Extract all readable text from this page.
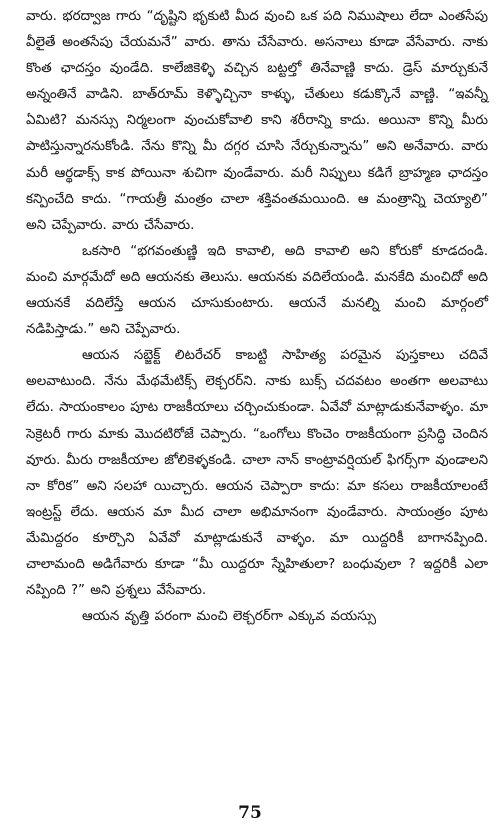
వారు. భరద్వాజ గారు “దృష్టిని భృకుటి మీద వుంచి ఒక పది నిముషాలు లేదా ఎంతసేపు వీలైతే అంతసేపు చేయమనే” వారు. తాను చేసేవారు. అసనాలు కూడా వేసేవారు. నాకు కొంత ఛాదస్తం వుండేది. కాలేజికెళ్ళి వచ్చిన బట్టల్తో తినేవాణ్ణి కాదు. డ్రెస్ మార్చుకునే అన్నంతినే వాడిని. బాత్‌రూమ్ కెళ్ళొచ్చినా కాళ్ళు, చేతులు కడుక్కొనే వాణ్ణి. “ఇవన్నీ ఏమిటి? మనస్సు నిర్మలంగా వుంచుకోవాలి కాని శరీరాన్ని కాదు. అయినా కొన్ని మీరు పాటిస్తున్నారనుకోండి. నేను కొన్ని మీ దగ్గర చూసి నేర్చుకున్నాను” అని అనేవారు. వారు మరీ ఆర్థడాక్స్ కాక పోయినా శుచిగా వుండేవారు. మరీ నిప్పులు కడిగే బ్రాహ్మణ ఛాదస్తం కన్పించేది కాదు. “గాయత్రీ మంత్రం చాలా శక్తివంతమయింది. ఆ మంత్రాన్ని చెయ్యాలి” అని చెప్పేవారు. వారు చేసేవారు.

ఒకసారి “భగవంతుణ్ణి ఇది కావాలి, అది కావాలి అని కోరుకో కూడదండి. మంచి మార్గమేదో అది ఆయనకు తెలుసు. ఆయనకు వదిలేయండి. మనకేది మంచిదో అది ఆయనకే వదిలేస్తే ఆయన చూసుకుంటారు. ఆయనే మనల్ని మంచి మార్గంలో నడిపిస్తాడు.” అని చెప్పేవారు.

ఆయన సబ్జెక్ట్ లిటరేచర్ కాబట్టి సాహిత్య పరమైన పుస్తకాలు చదివే అలవాటుంది. నేను మేథమేటిక్స్ లెక్చరర్‌ని. నాకు బుక్స్ చదవటం అంతగా అలవాటు లేదు. సాయంకాలం పూట రాజకీయాలు చర్చించుకుండా. ఏవేవో మాట్లాడుకునేవాళ్ళం. మా సెక్రెటరీ గారు మాకు మొదటిరోజే చెప్పారు. “ఒంగోలు కొంచెం రాజకీయంగా ప్రసిద్ధి చెందిన వూరు. మీరు రాజకీయాల జోలికెళ్ళకండి. చాలా నాన్ కాంట్రావర్షియల్ ఫిగర్స్‌గా వుండాలని నా కోరిక” అని సలహా యిచ్చారు. ఆయన చెప్పారా కాదు: మా కసలు రాజకీయాలంటే ఇంట్రస్ట్ లేదు. ఆయన మా మీద చాలా అభిమానంగా వుండేవారు. సాయంత్రం పూట మేమిద్దరం కూర్చొని ఏవేవో మాట్లాడుకునే వాళ్ళం. మా యిద్దరికీ బాగానప్పింది. చాలామంది అడిగేవారు కూడా “మీ యిద్దరూ స్నేహితులా? బంధువులా ? ఇద్దరికీ ఎలా నప్పింది ?” అని ప్రశ్నలు వేసేవారు.

ఆయన వృత్తి పరంగా మంచి లెక్చరర్‌గా ఎక్కువ వయస్సు

75
